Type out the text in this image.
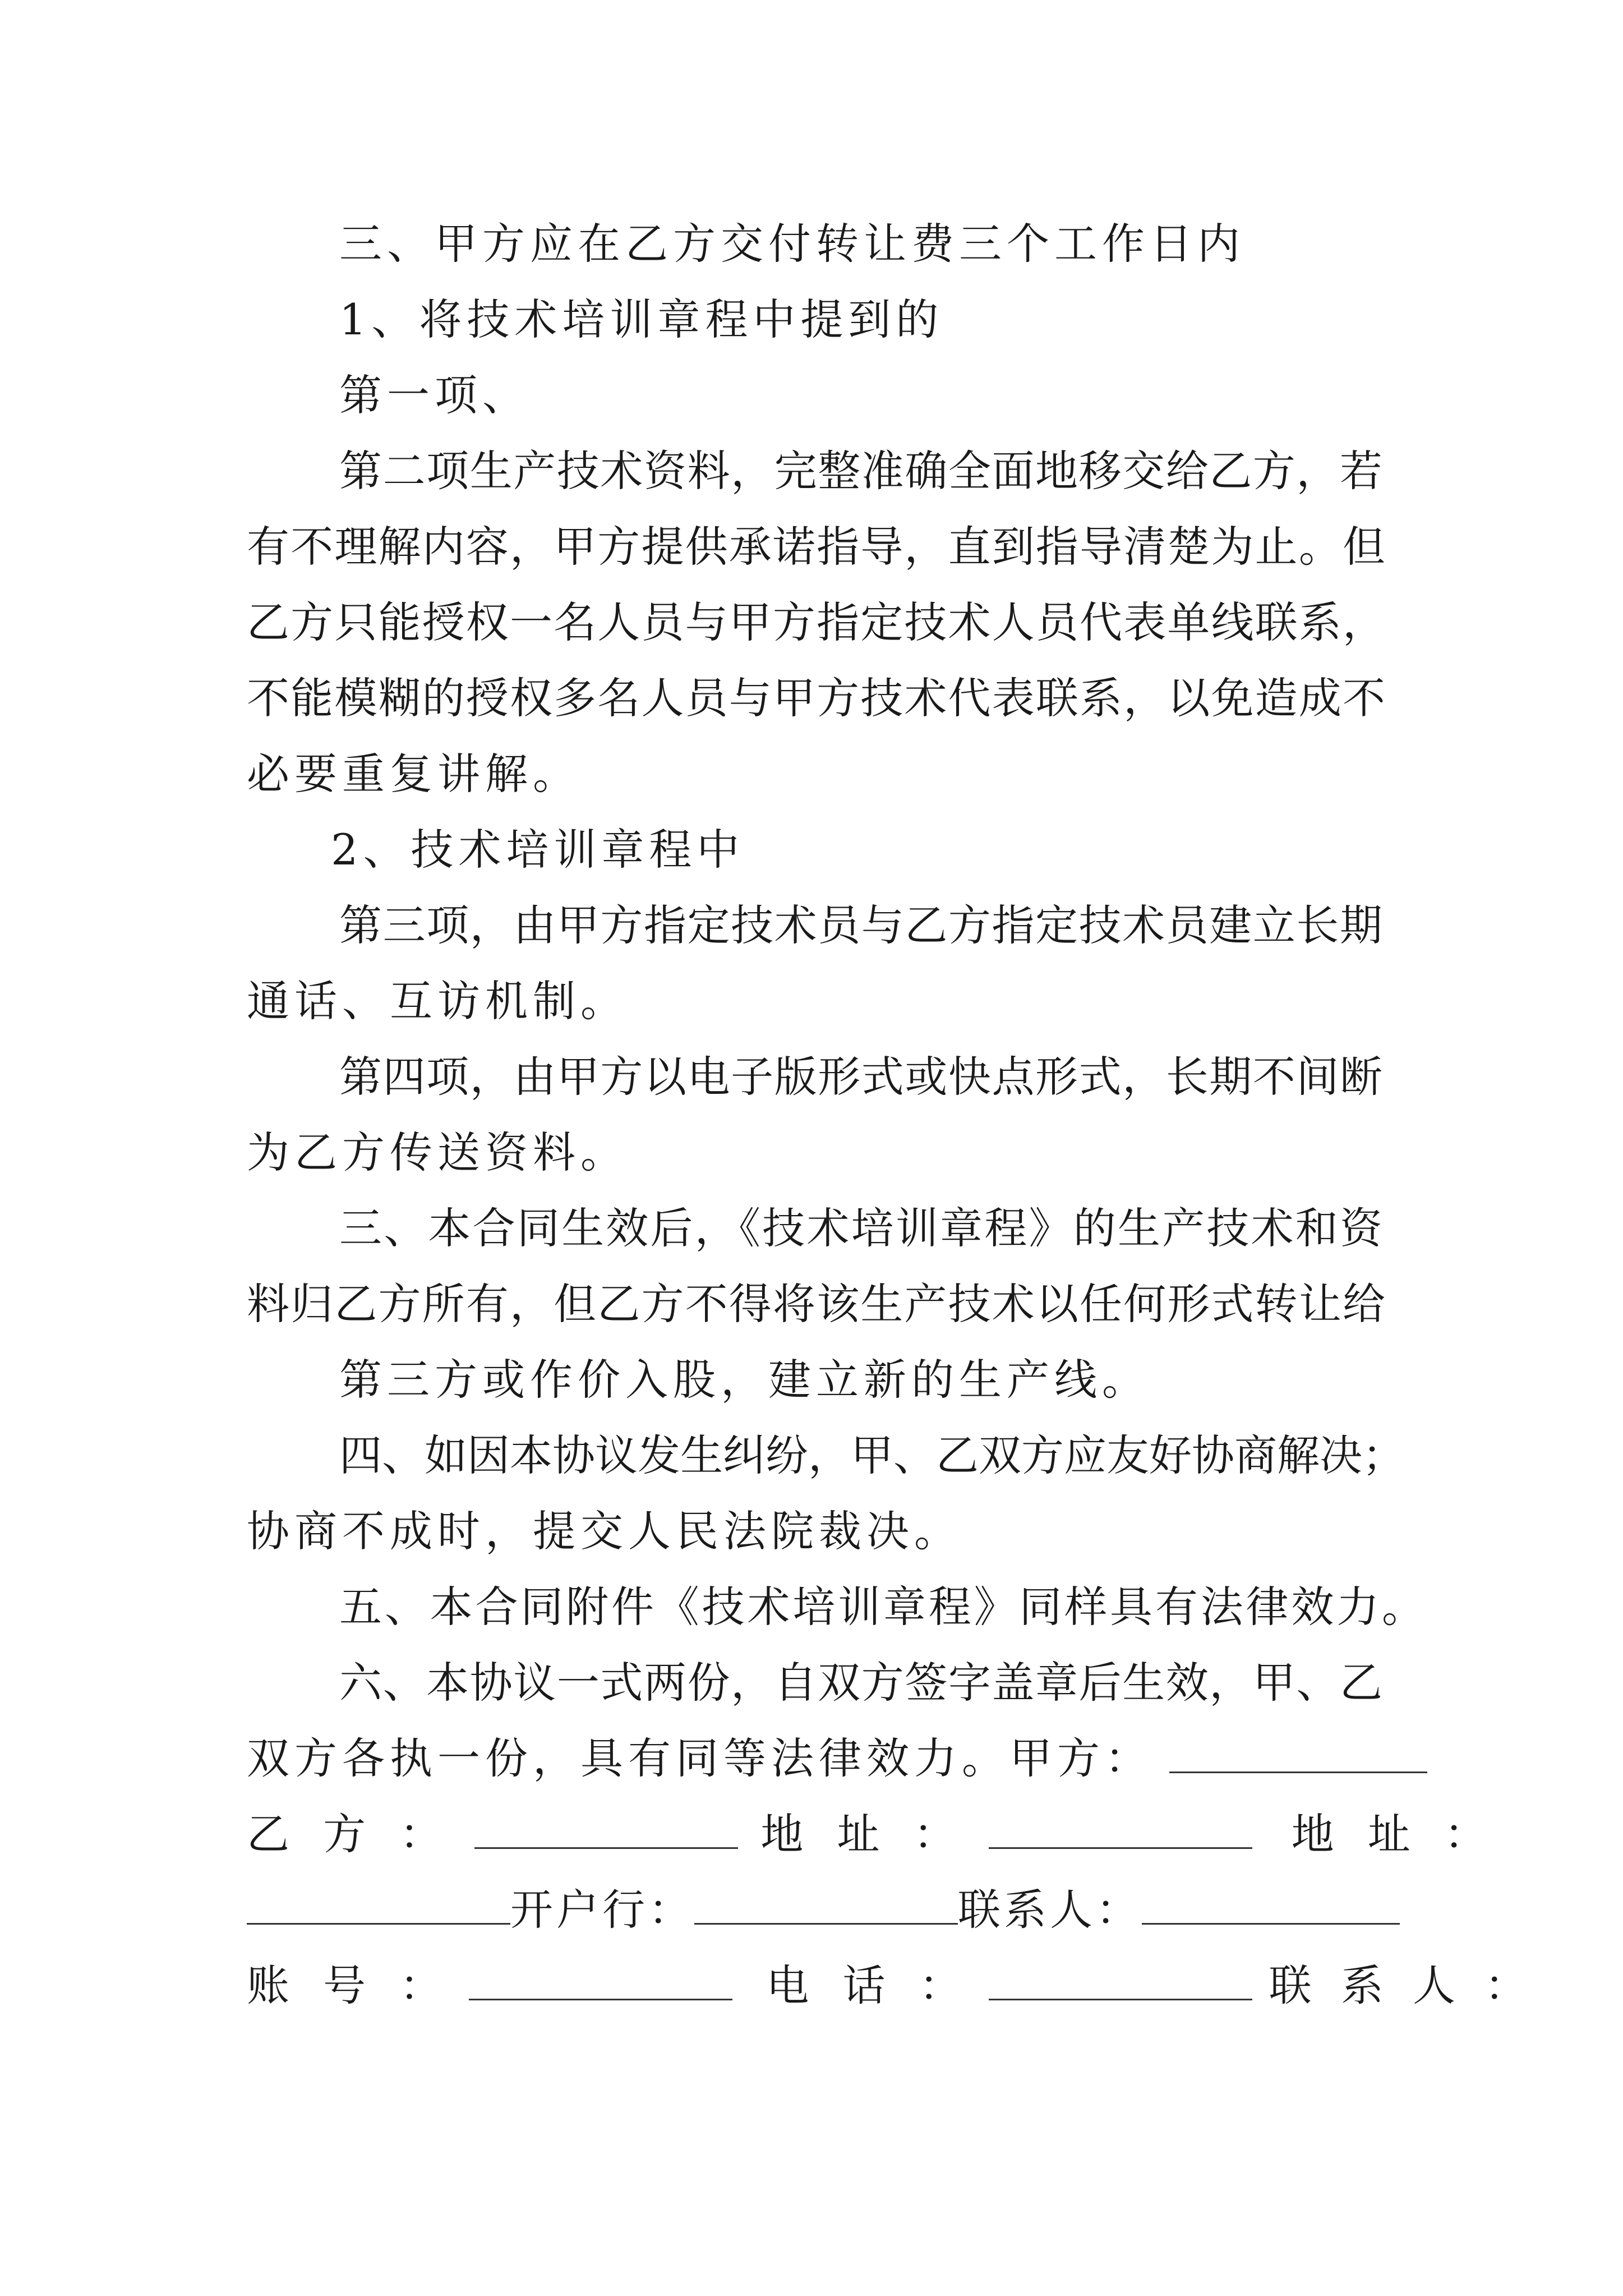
三、甲方应在乙方交付转让费三个工作日内

1、将技术培训章程中提到的

第一项、

第二项生产技术资料，完整准确全面地移交给乙方，若

有不理解内容，甲方提供承诺指导，直到指导清楚为止。但

乙方只能授权一名人员与甲方指定技术人员代表单线联系，

不能模糊的授权多名人员与甲方技术代表联系，以免造成不

必要重复讲解。

2、技术培训章程中

第三项，由甲方指定技术员与乙方指定技术员建立长期

通话、互访机制。

第四项，由甲方以电子版形式或快点形式，长期不间断

为乙方传送资料。

三、本合同生效后，《技术培训章程》的生产技术和资

料归乙方所有，但乙方不得将该生产技术以任何形式转让给

第三方或作价入股，建立新的生产线。

四、如因本协议发生纠纷，甲、乙双方应友好协商解决；

协商不成时，提交人民法院裁决。

五、本合同附件《技术培训章程》同样具有法律效力。

六、本协议一式两份，自双方签字盖章后生效，甲、乙

双方各执一份，具有同等法律效力。甲方：

乙 方 ：	地 址 ：	地 址 ：

开户行：	联系人：

账 号 ：	电 话 ：	联 系 人 ：
